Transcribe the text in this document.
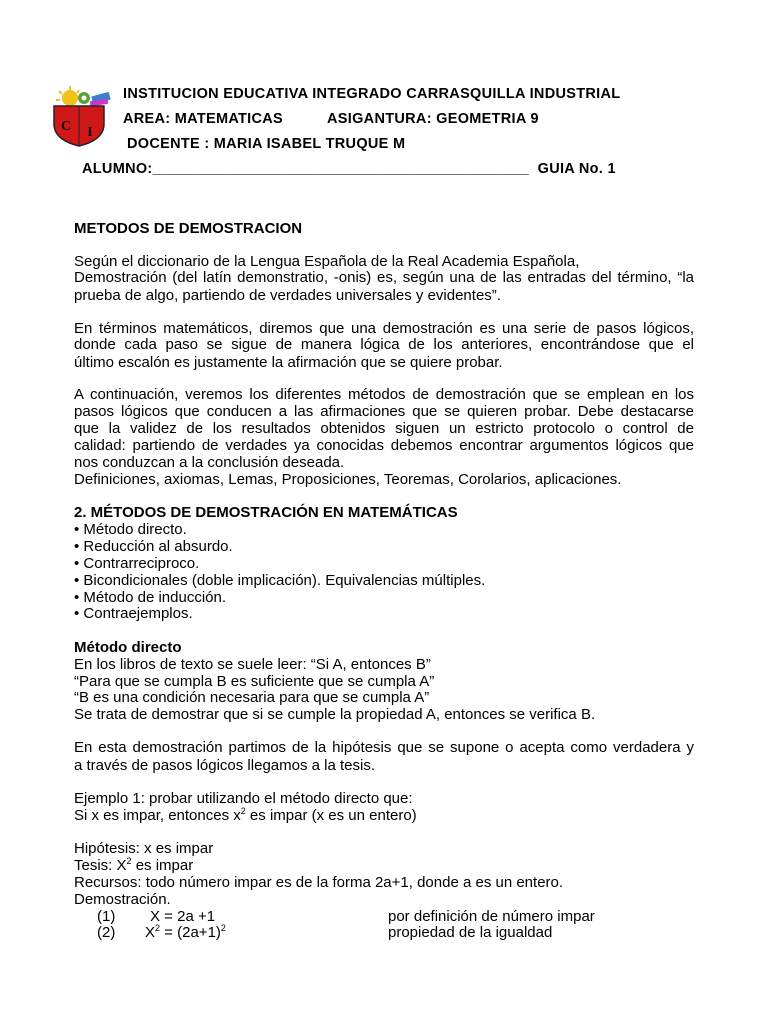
C I
INSTITUCION EDUCATIVA INTEGRADO CARRASQUILLA INDUSTRIAL
AREA: MATEMATICAS	ASIGANTURA: GEOMETRIA 9
DOCENTE : MARIA ISABEL TRUQUE M
ALUMNO:_____________________________________________ GUIA No. 1
METODOS DE DEMOSTRACION
Según el diccionario de la Lengua Española de la Real Academia Española,
Demostración (del latín demonstratio, -onis) es, según una de las entradas del término, “la
prueba de algo, partiendo de verdades universales y evidentes”.
En términos matemáticos, diremos que una demostración es una serie de pasos lógicos,
donde cada paso se sigue de manera lógica de los anteriores, encontrándose que el
último escalón es justamente la afirmación que se quiere probar.
A continuación, veremos los diferentes métodos de demostración que se emplean en los
pasos lógicos que conducen a las afirmaciones que se quieren probar. Debe destacarse
que la validez de los resultados obtenidos siguen un estricto protocolo o control de
calidad: partiendo de verdades ya conocidas debemos encontrar argumentos lógicos que
nos conduzcan a la conclusión deseada.
Definiciones, axiomas, Lemas, Proposiciones, Teoremas, Corolarios, aplicaciones.
2. MÉTODOS DE DEMOSTRACIÓN EN MATEMÁTICAS
• Método directo.
• Reducción al absurdo.
• Contrarreciproco.
• Bicondicionales (doble implicación). Equivalencias múltiples.
• Método de inducción.
• Contraejemplos.
Método directo
En los libros de texto se suele leer: “Si A, entonces B”
“Para que se cumpla B es suficiente que se cumpla A”
“B es una condición necesaria para que se cumpla A”
Se trata de demostrar que si se cumple la propiedad A, entonces se verifica B.
En esta demostración partimos de la hipótesis que se supone o acepta como verdadera y
a través de pasos lógicos llegamos a la tesis.
Ejemplo 1: probar utilizando el método directo que:
Si x es impar, entonces $x^2$ es impar (x es un entero)
Hipótesis: x es impar
Tesis: $X^2$ es impar
Recursos: todo número impar es de la forma 2a+1, donde a es un entero.
Demostración.
(1) X = 2a +1	por definición de número impar
(2) $X^2 = (2a+1)^2$	propiedad de la igualdad
